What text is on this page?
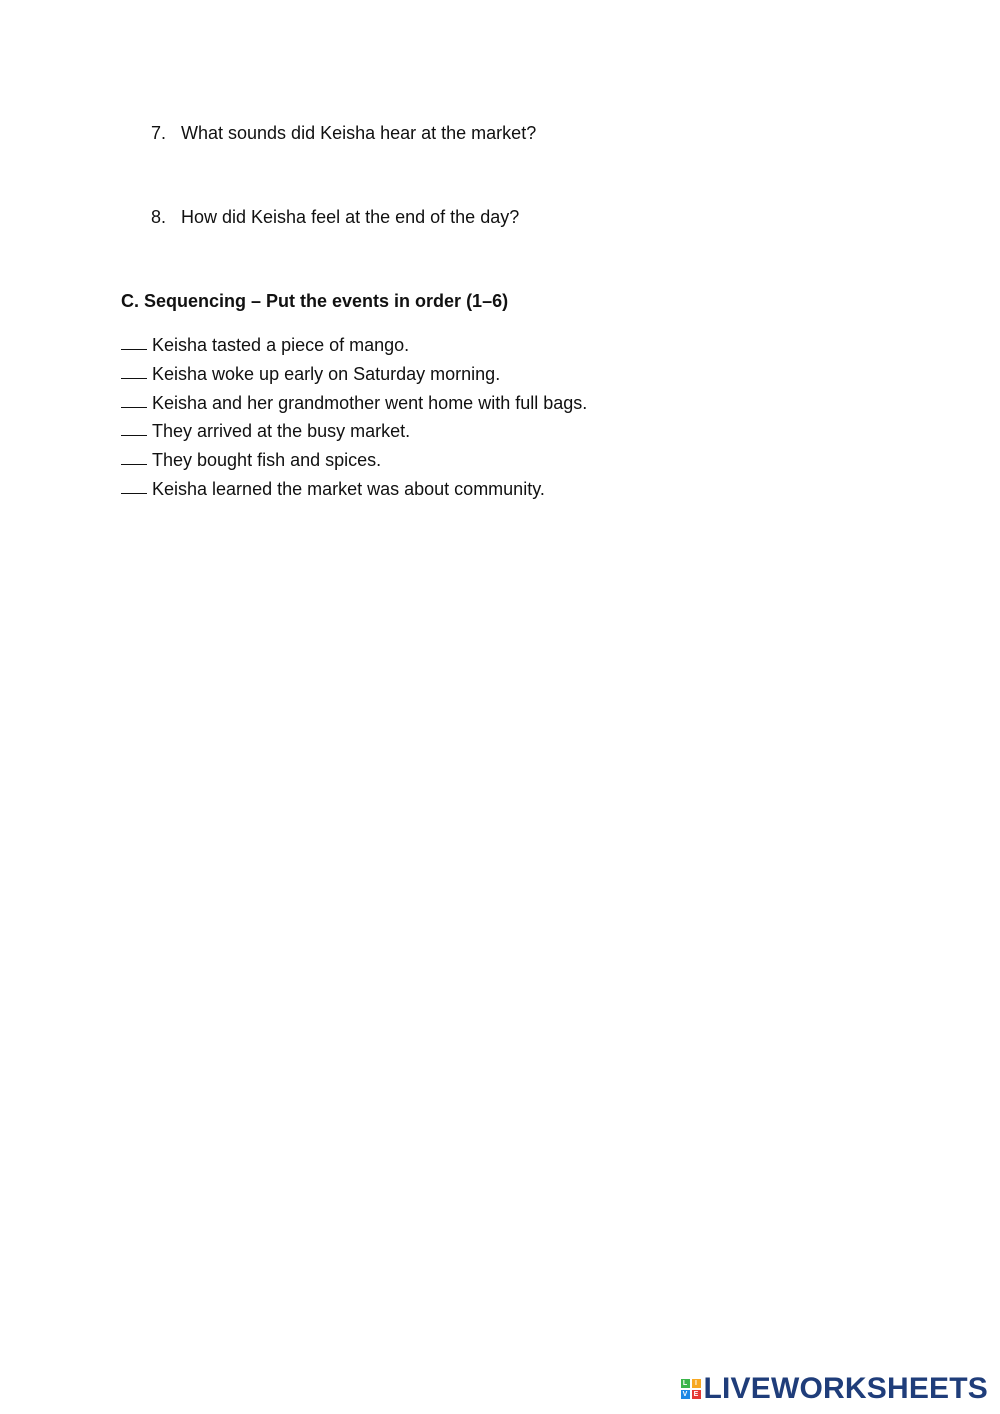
7. What sounds did Keisha hear at the market?
8. How did Keisha feel at the end of the day?
C. Sequencing – Put the events in order (1–6)
Keisha tasted a piece of mango.
Keisha woke up early on Saturday morning.
Keisha and her grandmother went home with full bags.
They arrived at the busy market.
They bought fish and spices.
Keisha learned the market was about community.
L	I
V E LIVEWORKSHEETS
